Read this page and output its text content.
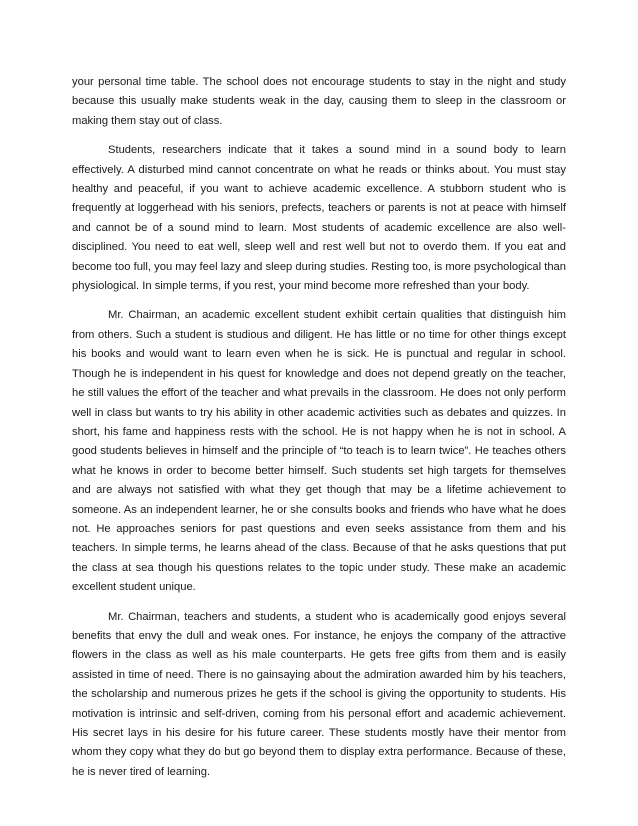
your personal time table. The school does not encourage students to stay in the night and study because this usually make students weak in the day, causing them to sleep in the classroom or making them stay out of class.

Students, researchers indicate that it takes a sound mind in a sound body to learn effectively. A disturbed mind cannot concentrate on what he reads or thinks about. You must stay healthy and peaceful, if you want to achieve academic excellence. A stubborn student who is frequently at loggerhead with his seniors, prefects, teachers or parents is not at peace with himself and cannot be of a sound mind to learn. Most students of academic excellence are also well-disciplined. You need to eat well, sleep well and rest well but not to overdo them. If you eat and become too full, you may feel lazy and sleep during studies. Resting too, is more psychological than physiological. In simple terms, if you rest, your mind become more refreshed than your body.

Mr. Chairman, an academic excellent student exhibit certain qualities that distinguish him from others. Such a student is studious and diligent. He has little or no time for other things except his books and would want to learn even when he is sick. He is punctual and regular in school. Though he is independent in his quest for knowledge and does not depend greatly on the teacher, he still values the effort of the teacher and what prevails in the classroom. He does not only perform well in class but wants to try his ability in other academic activities such as debates and quizzes. In short, his fame and happiness rests with the school. He is not happy when he is not in school. A good students believes in himself and the principle of “to teach is to learn twice”. He teaches others what he knows in order to become better himself. Such students set high targets for themselves and are always not satisfied with what they get though that may be a lifetime achievement to someone. As an independent learner, he or she consults books and friends who have what he does not. He approaches seniors for past questions and even seeks assistance from them and his teachers. In simple terms, he learns ahead of the class. Because of that he asks questions that put the class at sea though his questions relates to the topic under study. These make an academic excellent student unique.

Mr. Chairman, teachers and students, a student who is academically good enjoys several benefits that envy the dull and weak ones. For instance, he enjoys the company of the attractive flowers in the class as well as his male counterparts. He gets free gifts from them and is easily assisted in time of need. There is no gainsaying about the admiration awarded him by his teachers, the scholarship and numerous prizes he gets if the school is giving the opportunity to students. His motivation is intrinsic and self-driven, coming from his personal effort and academic achievement. His secret lays in his desire for his future career. These students mostly have their mentor from whom they copy what they do but go beyond them to display extra performance. Because of these, he is never tired of learning.
